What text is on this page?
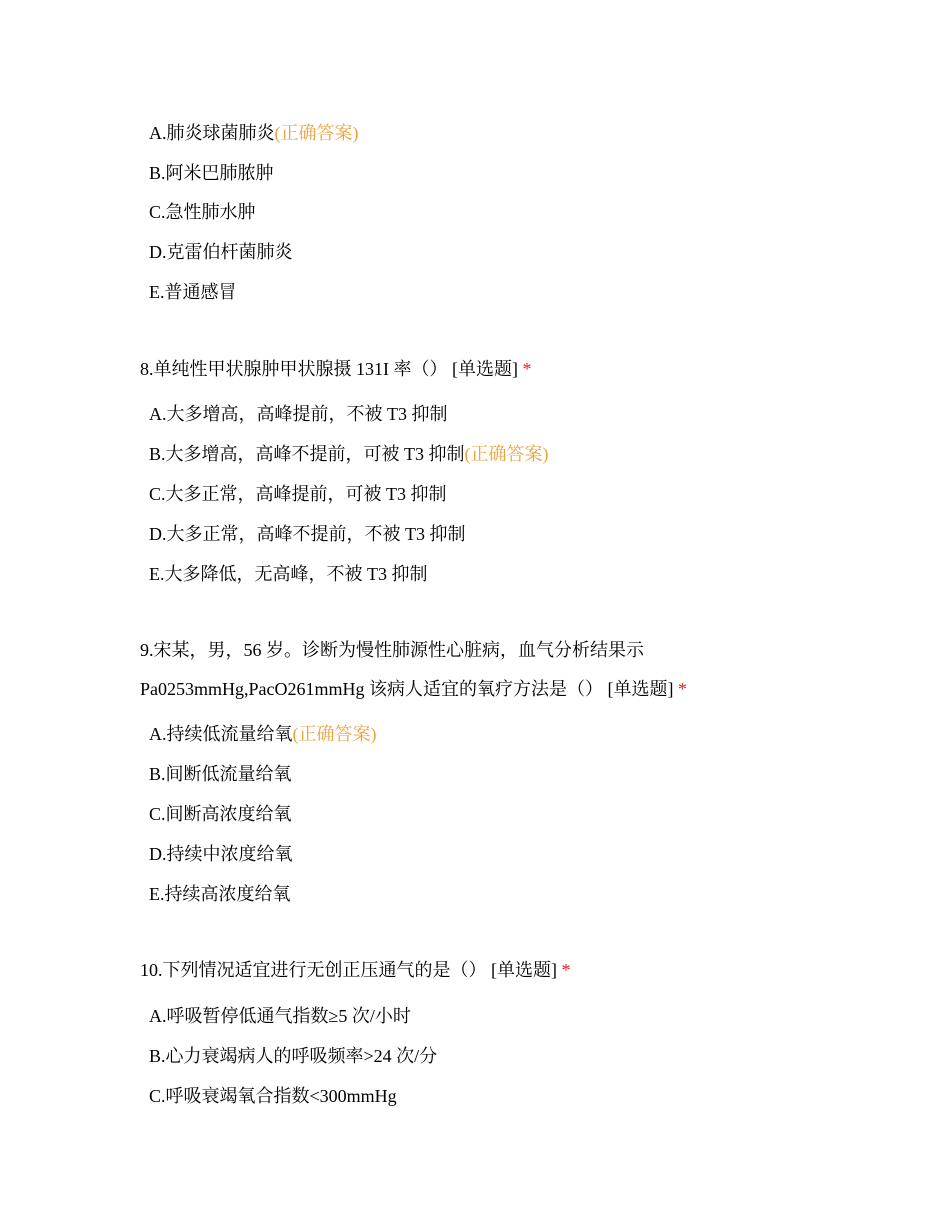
A.肺炎球菌肺炎(正确答案)
B.阿米巴肺脓肿
C.急性肺水肿
D.克雷伯杆菌肺炎
E.普通感冒
8.单纯性甲状腺肿甲状腺摄 131I 率（） [单选题] *
A.大多增高，高峰提前，不被 T3 抑制
B.大多增高，高峰不提前，可被 T3 抑制(正确答案)
C.大多正常，高峰提前，可被 T3 抑制
D.大多正常，高峰不提前，不被 T3 抑制
E.大多降低，无高峰，不被 T3 抑制
9.宋某，男，56 岁。诊断为慢性肺源性心脏病，血气分析结果示
Pa0253mmHg,PacO261mmHg 该病人适宜的氧疗方法是（） [单选题] *
A.持续低流量给氧(正确答案)
B.间断低流量给氧
C.间断高浓度给氧
D.持续中浓度给氧
E.持续高浓度给氧
10.下列情况适宜进行无创正压通气的是（） [单选题] *
A.呼吸暂停低通气指数≥5 次/小时
B.心力衰竭病人的呼吸频率>24 次/分
C.呼吸衰竭氧合指数<300mmHg
